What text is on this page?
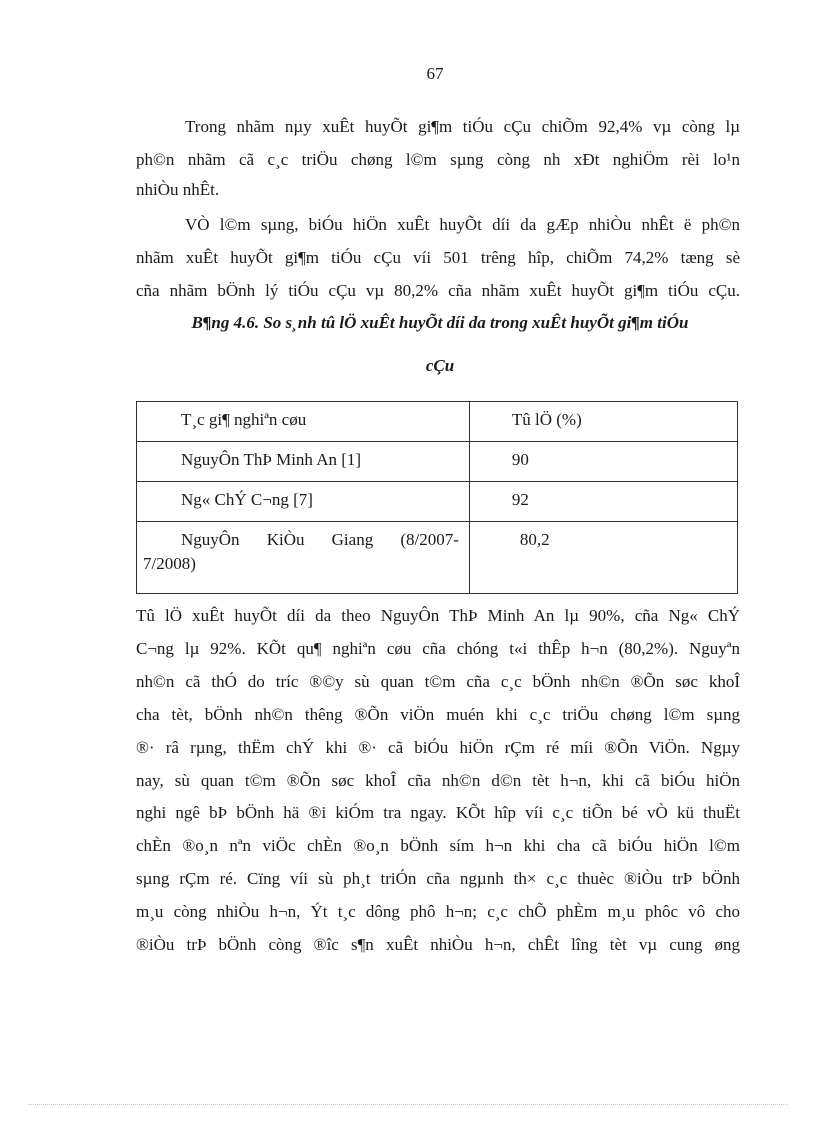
67
Trong nhãm nµy xuÊt huyÕt gi¶m tiÓu cÇu chiÕm 92,4% vµ còng lµ
ph©n nhãm cã c¸c triÖu chøng l©m sµng còng nh xÐt nghiÖm rèi lo¹n
nhiÒu nhÊt.
VÒ l©m sµng, biÓu hiÖn xuÊt huyÕt díi da gÆp nhiÒu nhÊt ë ph©n
nhãm xuÊt huyÕt gi¶m tiÓu cÇu víi 501 trêng hîp, chiÕm 74,2% tæng sè
cña nhãm bÖnh lý tiÓu cÇu vµ 80,2% cña nhãm xuÊt huyÕt gi¶m tiÓu cÇu.
B¶ng 4.6. So s¸nh tû lÖ xuÊt huyÕt díi da trong xuÊt huyÕt gi¶m tiÓu
cÇu
T¸c gi¶ nghiªn cøu	Tû lÖ (%)

NguyÔn ThÞ Minh An [1]	90

Ng« ChÝ C¬ng [7]	92

NguyÔn KiÒu Giang (8/2007-
7/2008)	80,2
Tû lÖ xuÊt huyÕt díi da theo NguyÔn ThÞ Minh An lµ 90%, cña Ng« ChÝ
C¬ng lµ 92%. KÕt qu¶ nghiªn cøu cña chóng t«i thÊp h¬n (80,2%). Nguyªn
nh©n cã thÓ do tríc ®©y sù quan t©m cña c¸c bÖnh nh©n ®Õn søc khoÎ
cha tèt, bÖnh nh©n thêng ®Õn viÖn muén khi c¸c triÖu chøng l©m sµng
®· râ rµng, thËm chÝ khi ®· cã biÓu hiÖn rÇm ré míi ®Õn ViÖn. Ngµy
nay, sù quan t©m ®Õn søc khoÎ cña nh©n d©n tèt h¬n, khi cã biÓu hiÖn
nghi ngê bÞ bÖnh hä ®i kiÓm tra ngay. KÕt hîp víi c¸c tiÕn bé vÒ kü thuËt
chÈn ®o¸n nªn viÖc chÈn ®o¸n bÖnh sím h¬n khi cha cã biÓu hiÖn l©m
sµng rÇm ré. Cïng víi sù ph¸t triÓn cña ngµnh th× c¸c thuèc ®iÒu trÞ bÖnh
m¸u còng nhiÒu h¬n, Ýt t¸c dông phô h¬n; c¸c chÕ phÈm m¸u phôc vô cho
®iÒu trÞ bÖnh còng ®îc s¶n xuÊt nhiÒu h¬n, chÊt lîng tèt vµ cung øng
